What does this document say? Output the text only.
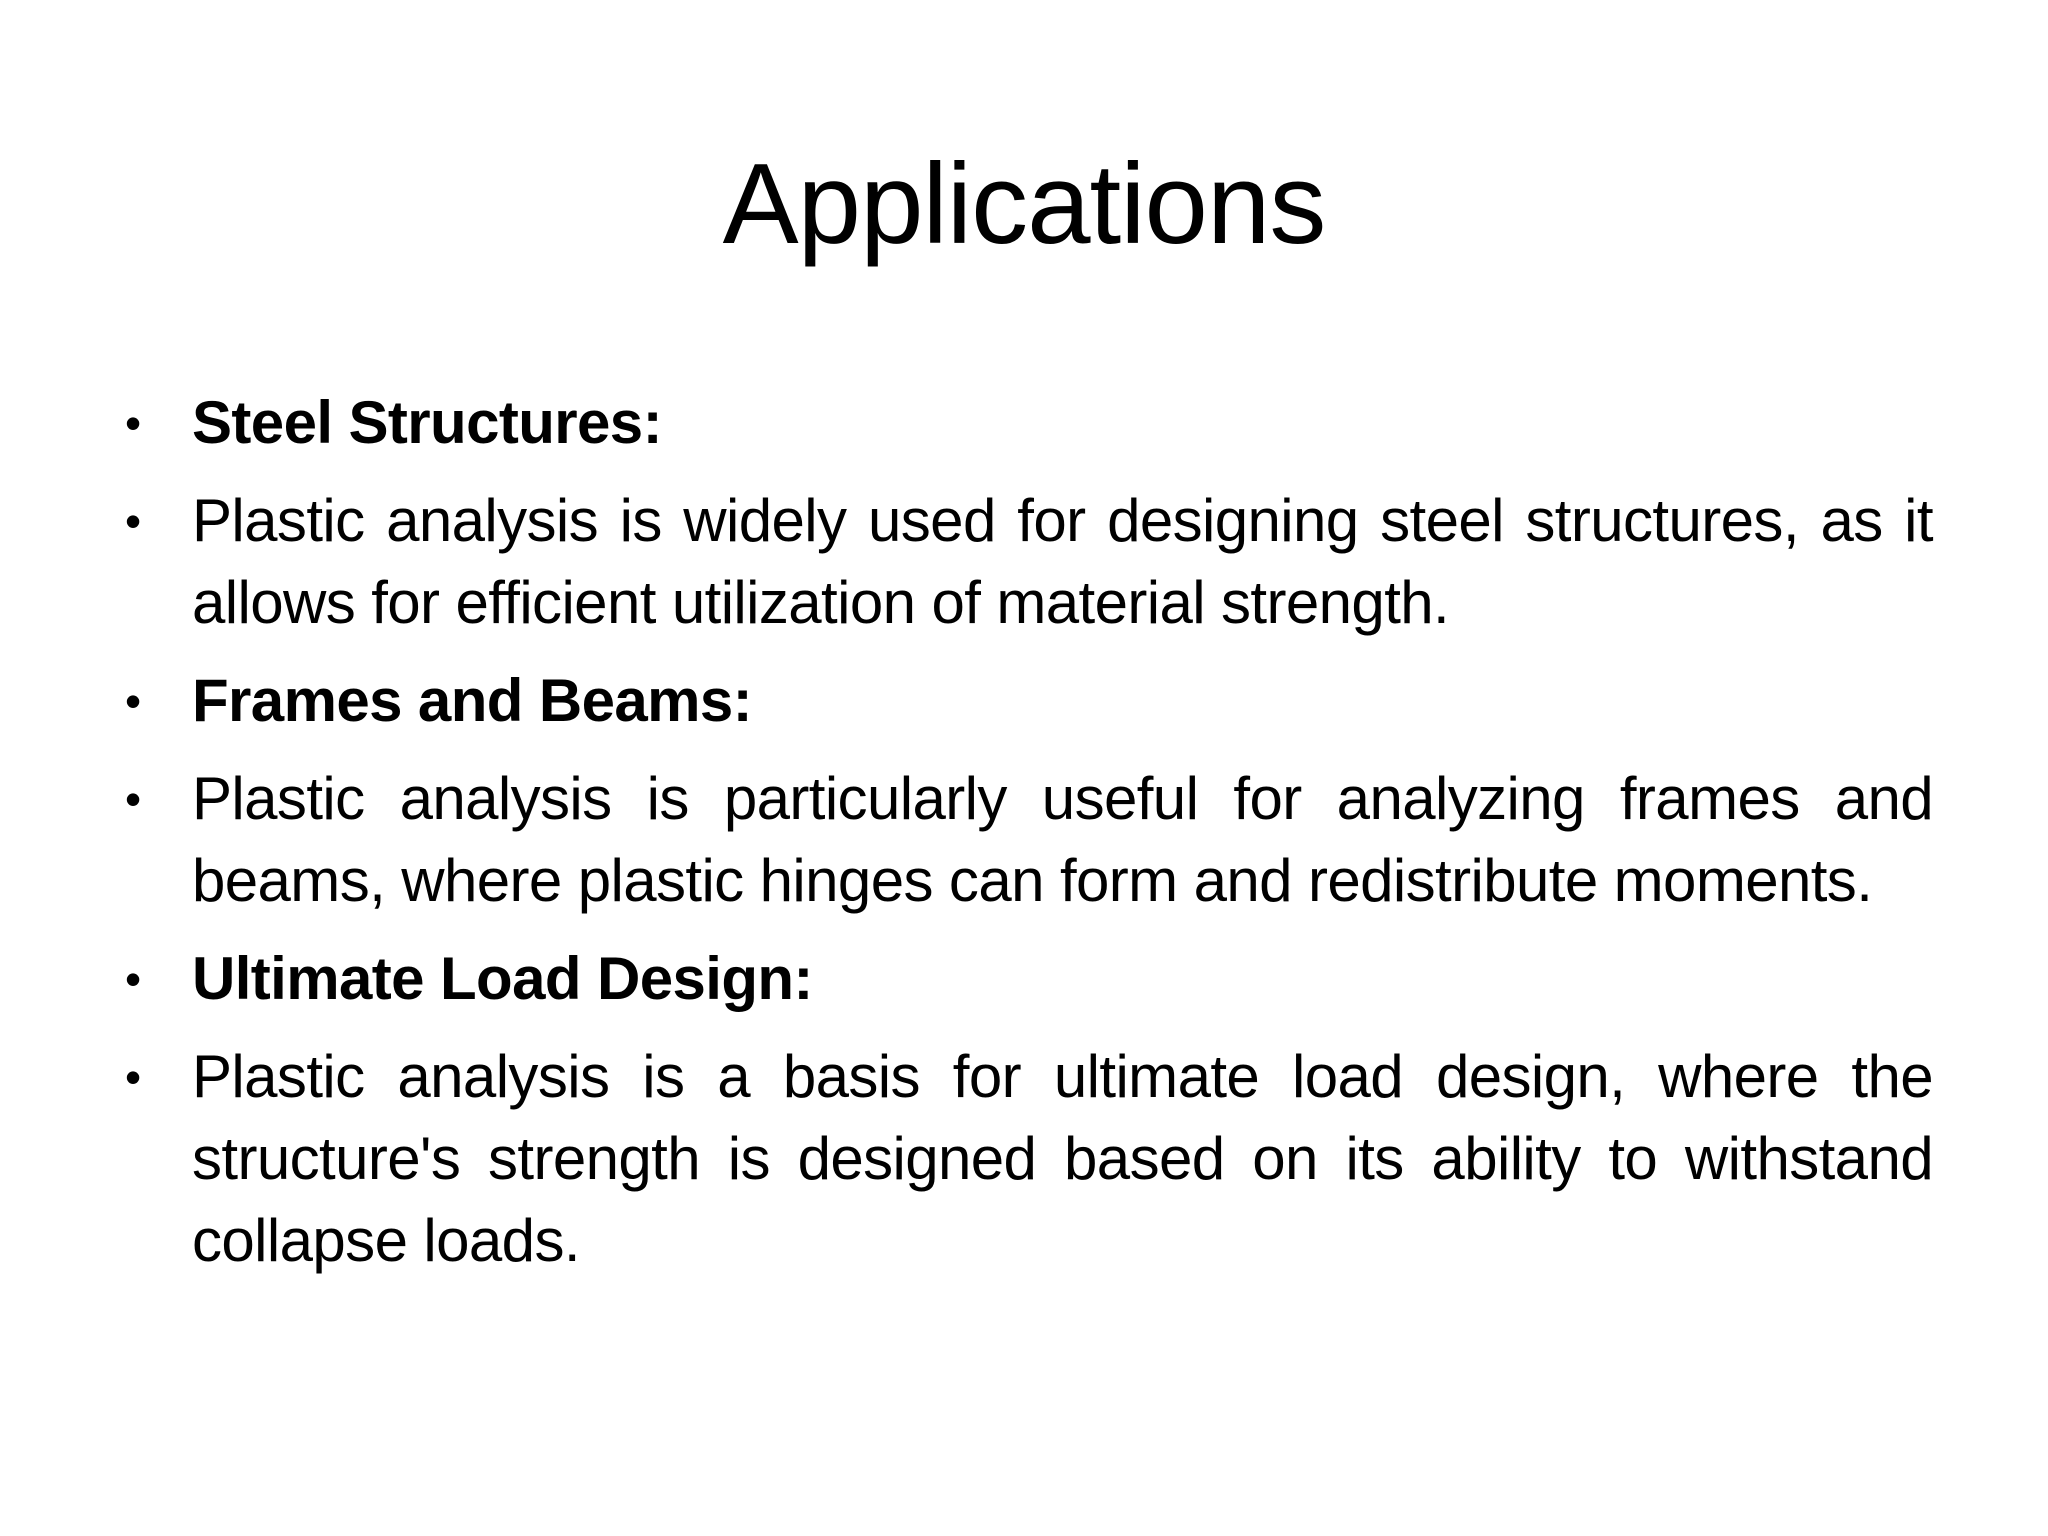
Applications
• Steel Structures:
• Plastic analysis is widely used for designing steel structures, as it allows for efficient utilization of material strength.
• Frames and Beams:
• Plastic analysis is particularly useful for analyzing frames and beams, where plastic hinges can form and redistribute moments.
• Ultimate Load Design:
• Plastic analysis is a basis for ultimate load design, where the structure's strength is designed based on its ability to withstand collapse loads.
